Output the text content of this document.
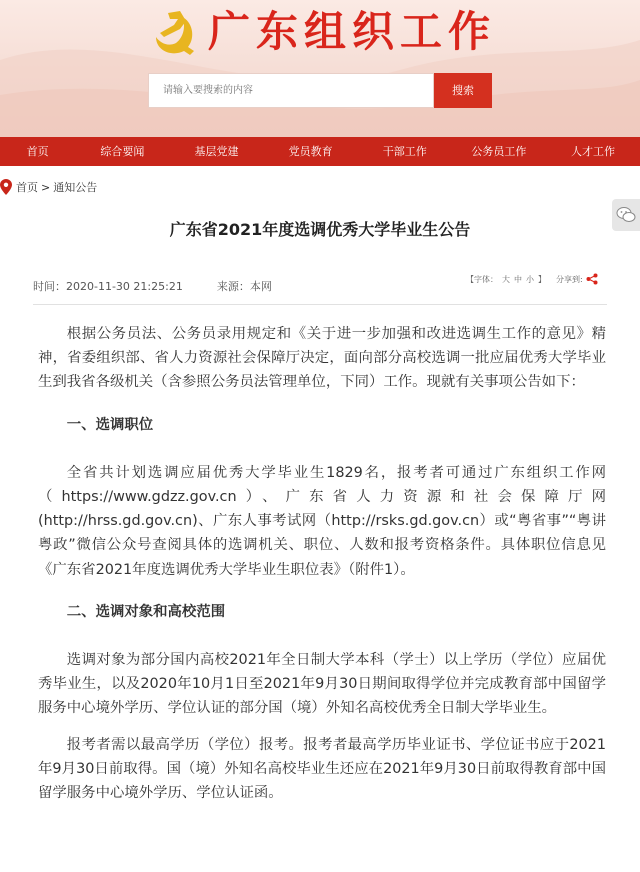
广东组织工作
请输入要搜索的内容
搜索
首页	综合要闻	基层党建	党员教育	干部工作	公务员工作	人才工作
首页 > 通知公告
广东省2021年度选调优秀大学毕业生公告
时间：2020-11-30 21:25:21	来源：本网
【字体： 大 中 小 】 分享到:

根据公务员法、公务员录用规定和《关于进一步加强和改进选调生工作的意见》精神，省委组织部、省人力资源社会保障厅决定，面向部分高校选调一批应届优秀大学毕业生到我省各级机关（含参照公务员法管理单位，下同）工作。现就有关事项公告如下：

一、选调职位

全省共计划选调应届优秀大学毕业生1829名，报考者可通过广东组织工作网（https://www.gdzz.gov.cn）、广东省人力资源和社会保障厅网(http://hrss.gd.gov.cn)、广东人事考试网（http://rsks.gd.gov.cn）或“粤省事”“粤讲粤政”微信公众号查阅具体的选调机关、职位、人数和报考资格条件。具体职位信息见《广东省2021年度选调优秀大学毕业生职位表》（附件1）。

二、选调对象和高校范围

选调对象为部分国内高校2021年全日制大学本科（学士）以上学历（学位）应届优秀毕业生，以及2020年10月1日至2021年9月30日期间取得学位并完成教育部中国留学服务中心境外学历、学位认证的部分国（境）外知名高校优秀全日制大学毕业生。

报考者需以最高学历（学位）报考。报考者最高学历毕业证书、学位证书应于2021年9月30日前取得。国（境）外知名高校毕业生还应在2021年9月30日前取得教育部中国留学服务中心境外学历、学位认证函。
